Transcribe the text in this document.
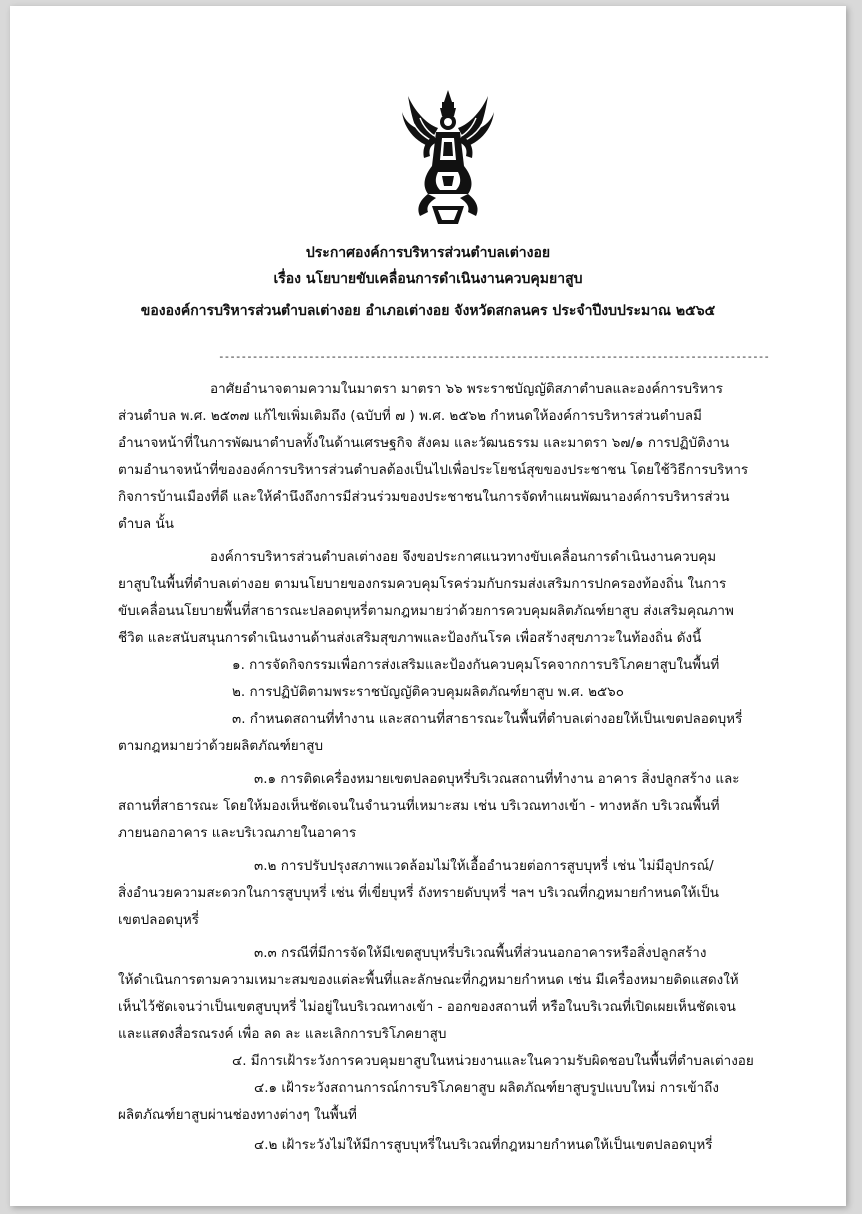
ประกาศองค์การบริหารส่วนตำบลเต่างอย
เรื่อง นโยบายขับเคลื่อนการดำเนินงานควบคุมยาสูบ
ขององค์การบริหารส่วนตำบลเต่างอย อำเภอเต่างอย จังหวัดสกลนคร ประจำปีงบประมาณ ๒๕๖๕
--------------------------------------------------------------------------------------------------
อาศัยอำนาจตามความในมาตรา มาตรา ๖๖ พระราชบัญญัติสภาตำบลและองค์การบริหาร
ส่วนตำบล พ.ศ. ๒๕๓๗ แก้ไขเพิ่มเติมถึง (ฉบับที่ ๗ ) พ.ศ. ๒๕๖๒ กำหนดให้องค์การบริหารส่วนตำบลมี
อำนาจหน้าที่ในการพัฒนาตำบลทั้งในด้านเศรษฐกิจ สังคม และวัฒนธรรม และมาตรา ๖๗/๑ การปฏิบัติงาน
ตามอำนาจหน้าที่ขององค์การบริหารส่วนตำบลต้องเป็นไปเพื่อประโยชน์สุขของประชาชน โดยใช้วิธีการบริหาร
กิจการบ้านเมืองที่ดี และให้คำนึงถึงการมีส่วนร่วมของประชาชนในการจัดทำแผนพัฒนาองค์การบริหารส่วน
ตำบล นั้น
องค์การบริหารส่วนตำบลเต่างอย จึงขอประกาศแนวทางขับเคลื่อนการดำเนินงานควบคุม
ยาสูบในพื้นที่ตำบลเต่างอย ตามนโยบายของกรมควบคุมโรคร่วมกับกรมส่งเสริมการปกครองท้องถิ่น ในการ
ขับเคลื่อนนโยบายพื้นที่สาธารณะปลอดบุหรี่ตามกฎหมายว่าด้วยการควบคุมผลิตภัณฑ์ยาสูบ ส่งเสริมคุณภาพ
ชีวิต และสนับสนุนการดำเนินงานด้านส่งเสริมสุขภาพและป้องกันโรค เพื่อสร้างสุขภาวะในท้องถิ่น ดังนี้
๑. การจัดกิจกรรมเพื่อการส่งเสริมและป้องกันควบคุมโรคจากการบริโภคยาสูบในพื้นที่
๒. การปฏิบัติตามพระราชบัญญัติควบคุมผลิตภัณฑ์ยาสูบ พ.ศ. ๒๕๖๐
๓. กำหนดสถานที่ทำงาน และสถานที่สาธารณะในพื้นที่ตำบลเต่างอยให้เป็นเขตปลอดบุหรี่
ตามกฎหมายว่าด้วยผลิตภัณฑ์ยาสูบ
๓.๑ การติดเครื่องหมายเขตปลอดบุหรี่บริเวณสถานที่ทำงาน อาคาร สิ่งปลูกสร้าง และ
สถานที่สาธารณะ โดยให้มองเห็นชัดเจนในจำนวนที่เหมาะสม เช่น บริเวณทางเข้า - ทางหลัก บริเวณพื้นที่
ภายนอกอาคาร และบริเวณภายในอาคาร
๓.๒ การปรับปรุงสภาพแวดล้อมไม่ให้เอื้ออำนวยต่อการสูบบุหรี่ เช่น ไม่มีอุปกรณ์/
สิ่งอำนวยความสะดวกในการสูบบุหรี่ เช่น ที่เขี่ยบุหรี่ ถังทรายดับบุหรี่ ฯลฯ บริเวณที่กฎหมายกำหนดให้เป็น
เขตปลอดบุหรี่
๓.๓ กรณีที่มีการจัดให้มีเขตสูบบุหรี่บริเวณพื้นที่ส่วนนอกอาคารหรือสิ่งปลูกสร้าง
ให้ดำเนินการตามความเหมาะสมของแต่ละพื้นที่และลักษณะที่กฎหมายกำหนด เช่น มีเครื่องหมายติดแสดงให้
เห็นไว้ชัดเจนว่าเป็นเขตสูบบุหรี่ ไม่อยู่ในบริเวณทางเข้า - ออกของสถานที่ หรือในบริเวณที่เปิดเผยเห็นชัดเจน
และแสดงสื่อรณรงค์ เพื่อ ลด ละ และเลิกการบริโภคยาสูบ
๔. มีการเฝ้าระวังการควบคุมยาสูบในหน่วยงานและในความรับผิดชอบในพื้นที่ตำบลเต่างอย
๔.๑ เฝ้าระวังสถานการณ์การบริโภคยาสูบ ผลิตภัณฑ์ยาสูบรูปแบบใหม่ การเข้าถึง
ผลิตภัณฑ์ยาสูบผ่านช่องทางต่างๆ ในพื้นที่
๔.๒ เฝ้าระวังไม่ให้มีการสูบบุหรี่ในบริเวณที่กฎหมายกำหนดให้เป็นเขตปลอดบุหรี่
